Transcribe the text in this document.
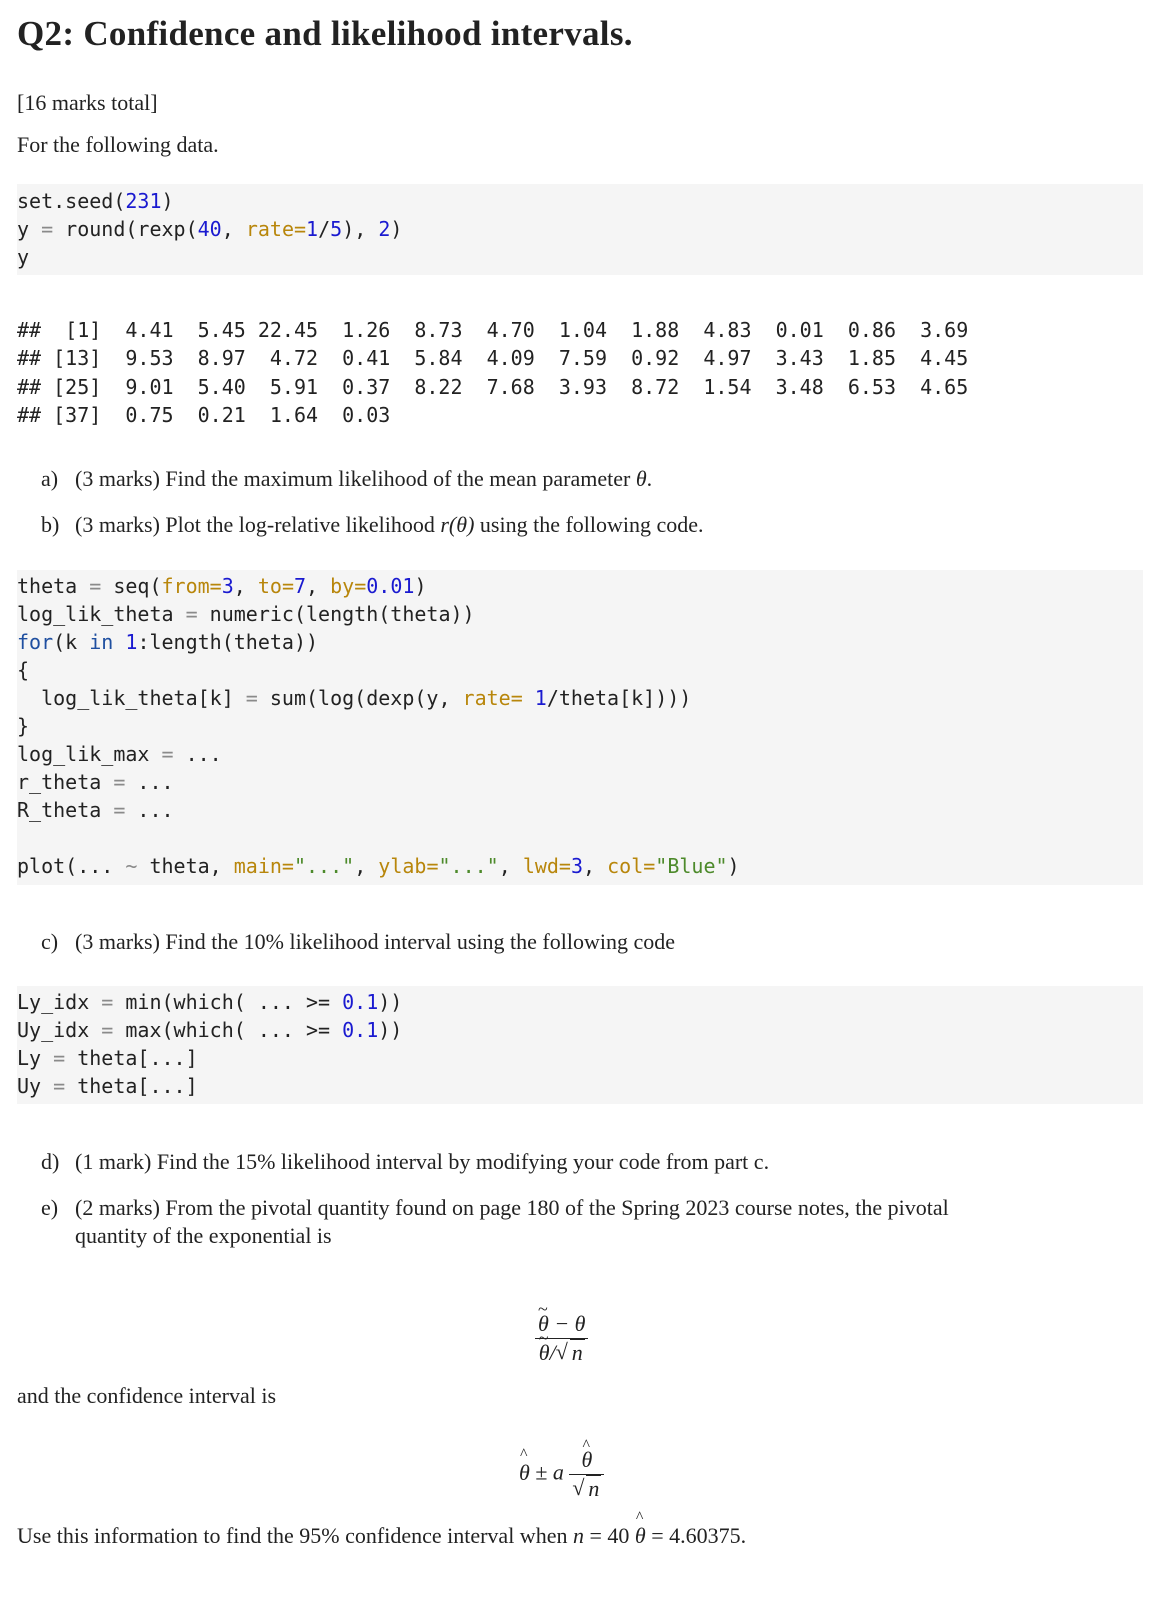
Q2: Confidence and likelihood intervals.
[16 marks total]
For the following data.
set.seed(231)
y = round(rexp(40, rate=1/5), 2)
y
##  [1]  4.41  5.45 22.45  1.26  8.73  4.70  1.04  1.88  4.83  0.01  0.86  3.69
## [13]  9.53  8.97  4.72  0.41  5.84  4.09  7.59  0.92  4.97  3.43  1.85  4.45
## [25]  9.01  5.40  5.91  0.37  8.22  7.68  3.93  8.72  1.54  3.48  6.53  4.65
## [37]  0.75  0.21  1.64  0.03
a) (3 marks) Find the maximum likelihood of the mean parameter θ.
b) (3 marks) Plot the log-relative likelihood r(θ) using the following code.
theta = seq(from=3, to=7, by=0.01)
log_lik_theta = numeric(length(theta))
for(k in 1:length(theta))
{
log_lik_theta[k] = sum(log(dexp(y, rate= 1/theta[k])))
}
log_lik_max = ...
r_theta = ...
R_theta = ...
plot(... ~ theta, main="...", ylab="...", lwd=3, col="Blue")
c) (3 marks) Find the 10% likelihood interval using the following code
Ly_idx = min(which( ... >= 0.1))
Uy_idx = max(which( ... >= 0.1))
Ly = theta[...]
Uy = theta[...]
d) (1 mark) Find the 15% likelihood interval by modifying your code from part c.
e) (2 marks) From the pivotal quantity found on page 180 of the Spring 2023 course notes, the pivotal
quantity of the exponential is
~ θ − θ
~ θ/ √ n
and the confidence interval is
^ θ ± a ^ θ
√ n
Use this information to find the 95% confidence interval when n = 40 ^ θ = 4.60375.
